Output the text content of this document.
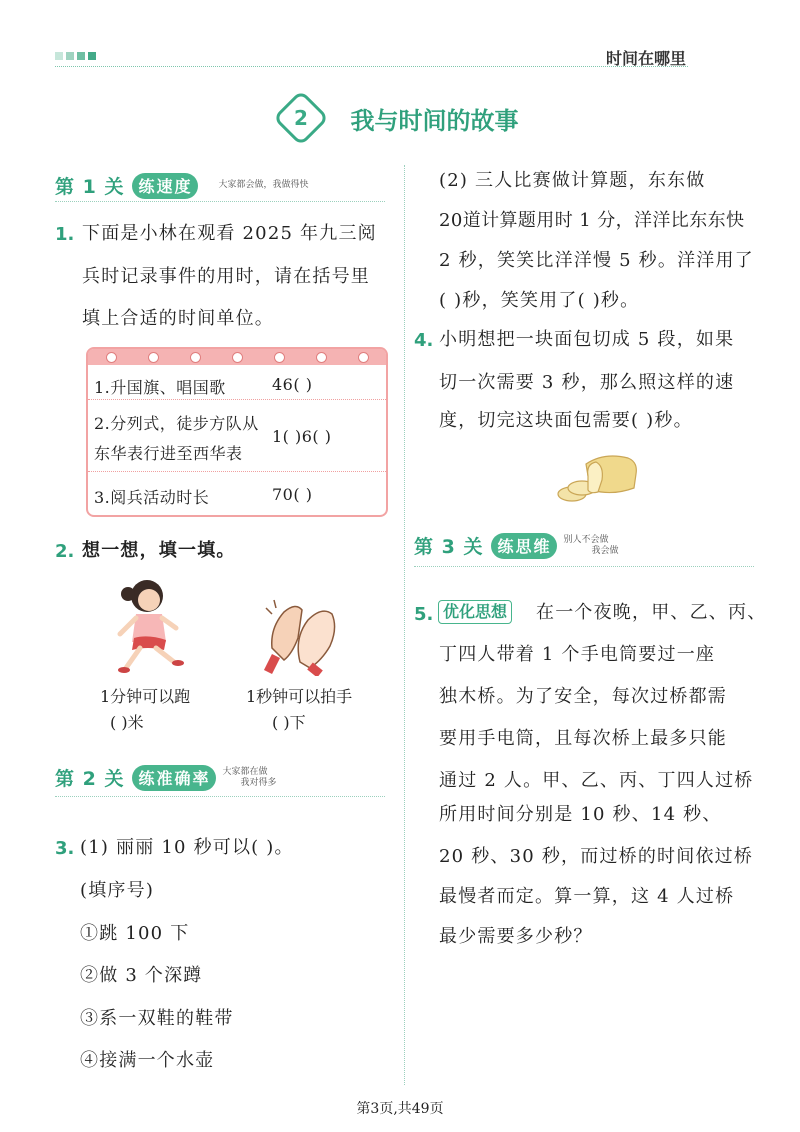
时间在哪里
2 我与时间的故事
第 1 关 练速度	大家都会做，我做得快
1. 下面是小林在观看 2025 年九三阅
兵时记录事件的用时，请在括号里
填上合适的时间单位。
1.升国旗、唱国歌	46( )
2.分列式，徒步方队从
东华表行进至西华表
1( )6( )
3.阅兵活动时长	70( )
2. 想一想，填一填。
1分钟可以跑
( )米
1秒钟可以拍手
( )下
第 2 关 练准确率	大家都在做
我对得多
3. (1) 丽丽 10 秒可以( )。
(填序号)
①跳 100 下
②做 3 个深蹲
③系一双鞋的鞋带
④接满一个水壶
(2) 三人比赛做计算题，东东做
20道计算题用时 1 分，洋洋比东东快
2 秒，笑笑比洋洋慢 5 秒。洋洋用了
( )秒，笑笑用了( )秒。
4. 小明想把一块面包切成 5 段，如果
切一次需要 3 秒，那么照这样的速
度，切完这块面包需要( )秒。
第 3 关 练思维	别人不会做
我会做
5. 优化思想 在一个夜晚，甲、乙、丙、
丁四人带着 1 个手电筒要过一座
独木桥。为了安全，每次过桥都需
要用手电筒，且每次桥上最多只能
通过 2 人。甲、乙、丙、丁四人过桥
所用时间分别是 10 秒、14 秒、
20 秒、30 秒，而过桥的时间依过桥
最慢者而定。算一算，这 4 人过桥
最少需要多少秒？
第3页,共49页
